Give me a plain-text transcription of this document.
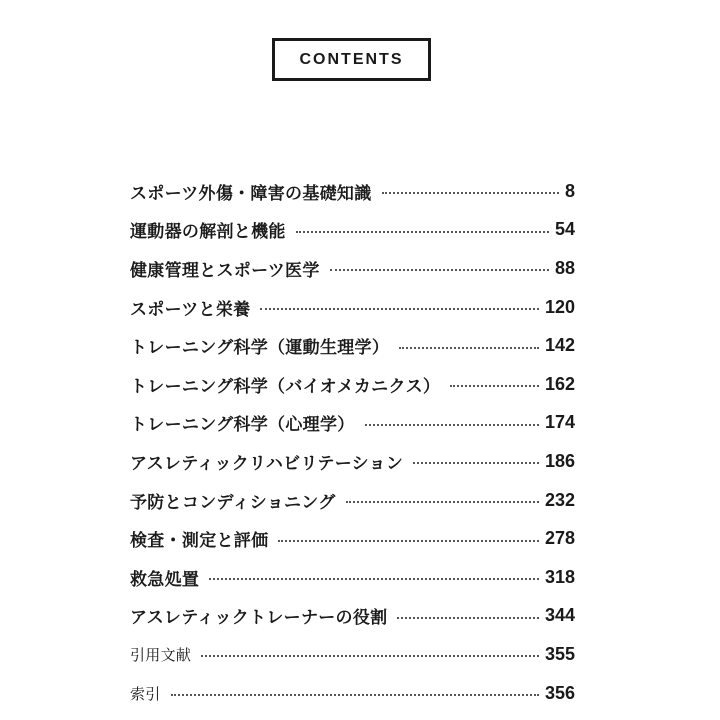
CONTENTS
スポーツ外傷・障害の基礎知識	8
運動器の解剖と機能	54
健康管理とスポーツ医学	88
スポーツと栄養	120
トレーニング科学（運動生理学）	142
トレーニング科学（バイオメカニクス）	162
トレーニング科学（心理学）	174
アスレティックリハビリテーション	186
予防とコンディショニング	232
検査・測定と評価	278
救急処置	318
アスレティックトレーナーの役割	344
引用文献	355
索引	356
